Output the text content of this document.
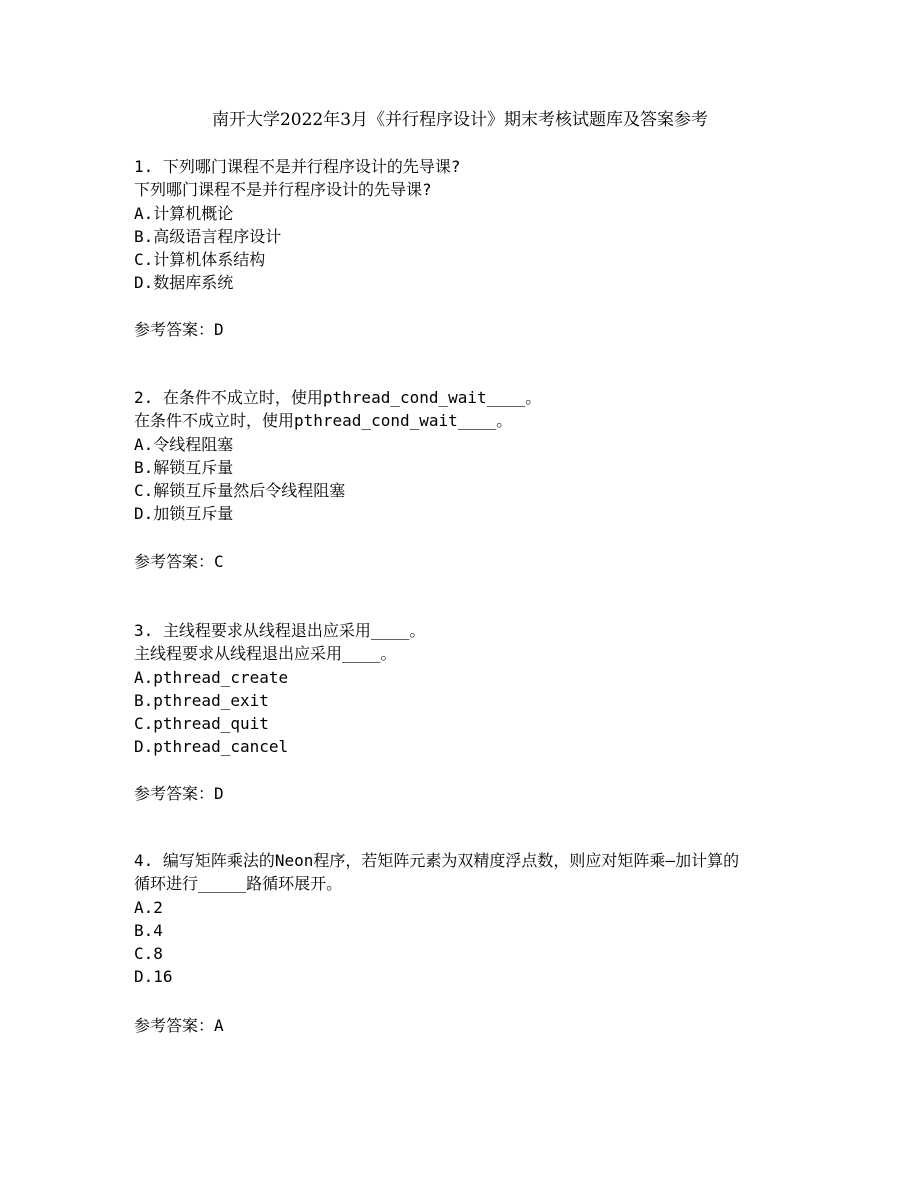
南开大学2022年3月《并行程序设计》期末考核试题库及答案参考
1. 下列哪门课程不是并行程序设计的先导课?
下列哪门课程不是并行程序设计的先导课?
A.计算机概论
B.高级语言程序设计
C.计算机体系结构
D.数据库系统
参考答案：D
2. 在条件不成立时，使用pthread_cond_wait____。
在条件不成立时，使用pthread_cond_wait____。
A.令线程阻塞
B.解锁互斥量
C.解锁互斥量然后令线程阻塞
D.加锁互斥量
参考答案：C
3. 主线程要求从线程退出应采用____。
主线程要求从线程退出应采用____。
A.pthread_create
B.pthread_exit
C.pthread_quit
D.pthread_cancel
参考答案：D
4. 编写矩阵乘法的Neon程序，若矩阵元素为双精度浮点数，则应对矩阵乘—加计算的循环进行_____路循环展开。
A.2
B.4
C.8
D.16
参考答案：A
